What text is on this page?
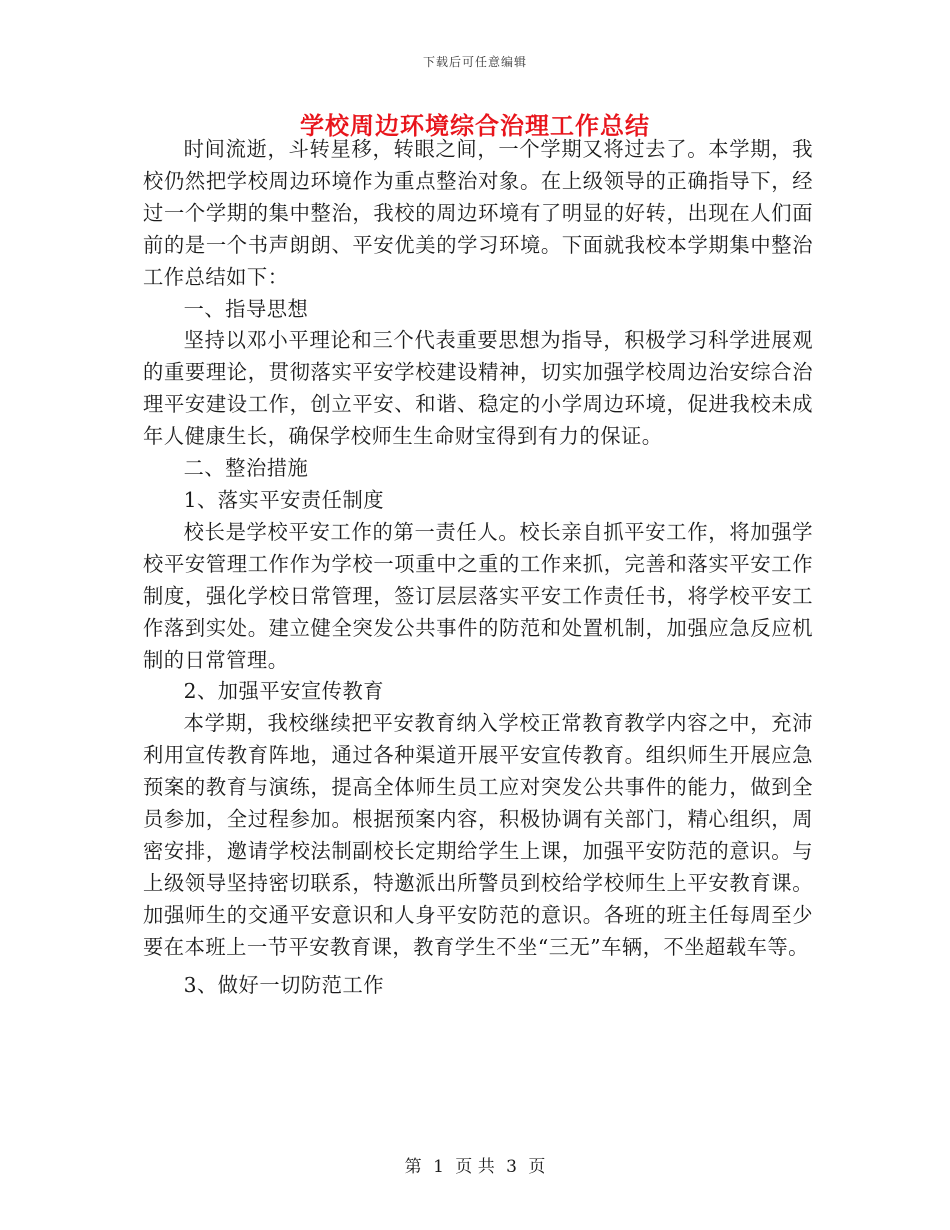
下载后可任意编辑
学校周边环境综合治理工作总结

时间流逝，斗转星移，转眼之间，一个学期又将过去了。本学期，我校仍然把学校周边环境作为重点整治对象。在上级领导的正确指导下，经过一个学期的集中整治，我校的周边环境有了明显的好转，出现在人们面前的是一个书声朗朗、平安优美的学习环境。下面就我校本学期集中整治工作总结如下：

一、指导思想

坚持以邓小平理论和三个代表重要思想为指导，积极学习科学进展观的重要理论，贯彻落实平安学校建设精神，切实加强学校周边治安综合治理平安建设工作，创立平安、和谐、稳定的小学周边环境，促进我校未成年人健康生长，确保学校师生生命财宝得到有力的保证。

二、整治措施

1、落实平安责任制度

校长是学校平安工作的第一责任人。校长亲自抓平安工作，将加强学校平安管理工作作为学校一项重中之重的工作来抓，完善和落实平安工作制度，强化学校日常管理，签订层层落实平安工作责任书，将学校平安工作落到实处。建立健全突发公共事件的防范和处置机制，加强应急反应机制的日常管理。

2、加强平安宣传教育

本学期，我校继续把平安教育纳入学校正常教育教学内容之中，充沛利用宣传教育阵地，通过各种渠道开展平安宣传教育。组织师生开展应急预案的教育与演练，提高全体师生员工应对突发公共事件的能力，做到全员参加，全过程参加。根据预案内容，积极协调有关部门，精心组织，周密安排，邀请学校法制副校长定期给学生上课，加强平安防范的意识。与上级领导坚持密切联系，特邀派出所警员到校给学校师生上平安教育课。加强师生的交通平安意识和人身平安防范的意识。各班的班主任每周至少要在本班上一节平安教育课，教育学生不坐“三无”车辆，不坐超载车等。

3、做好一切防范工作

第 1 页 共 3 页
